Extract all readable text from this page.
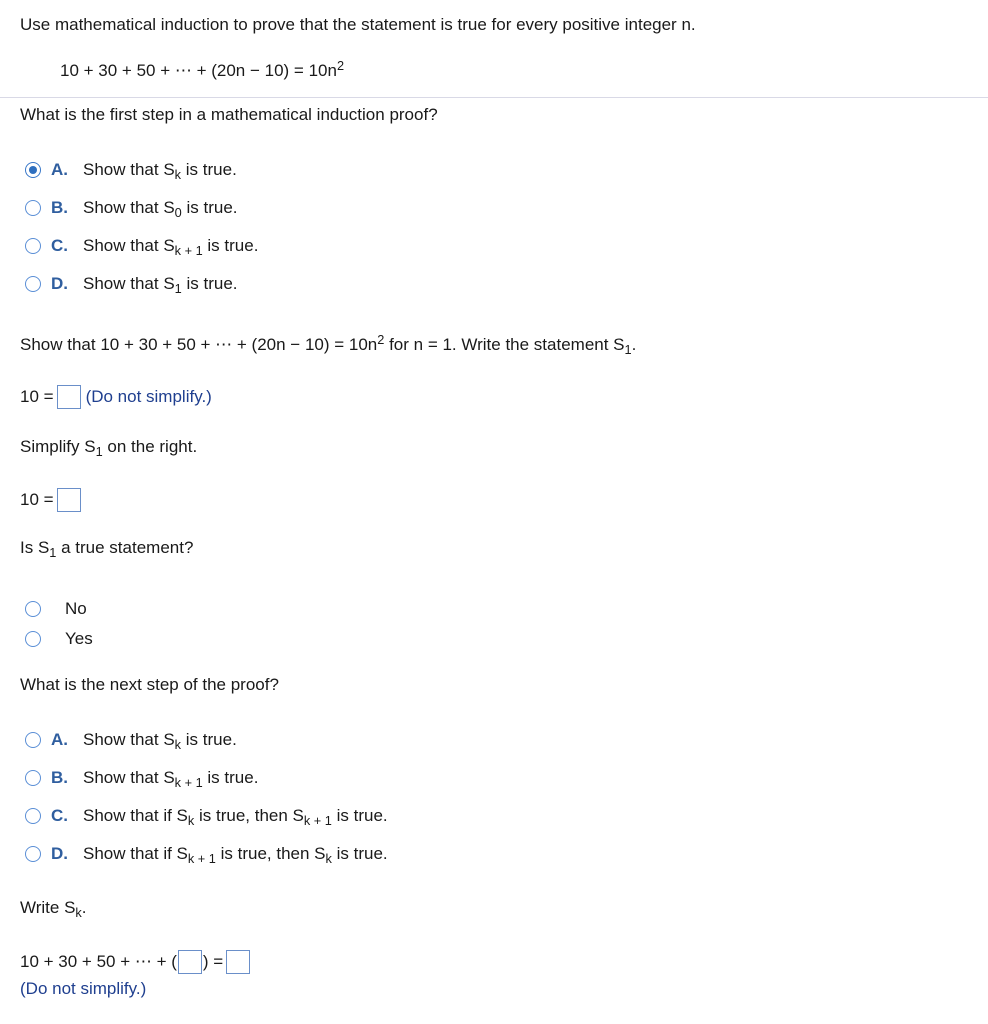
Use mathematical induction to prove that the statement is true for every positive integer n.
10 + 30 + 50 + ⋯ + $(20n - 10) = 10n^2$
What is the first step in a mathematical induction proof?
A. Show that $S_k$ is true.
B. Show that $S_0$ is true.
C. Show that $S_{k + 1}$ is true.
D. Show that $S_1$ is true.
Show that 10 + 30 + 50 + ⋯ + $(20n - 10) = 10n^2$ for n = 1. Write the statement $S_1$.
10 = (Do not simplify.)
Simplify $S_1$ on the right.
10 =
Is $S_1$ a true statement?
No
Yes
What is the next step of the proof?
A. Show that $S_k$ is true.
B. Show that $S_{k + 1}$ is true.
C. Show that if $S_k$ is true, then $S_{k + 1}$ is true.
D. Show that if $S_{k + 1}$ is true, then $S_k$ is true.
Write $S_k$.
10 + 30 + 50 + ⋯ + ( ) =
(Do not simplify.)
